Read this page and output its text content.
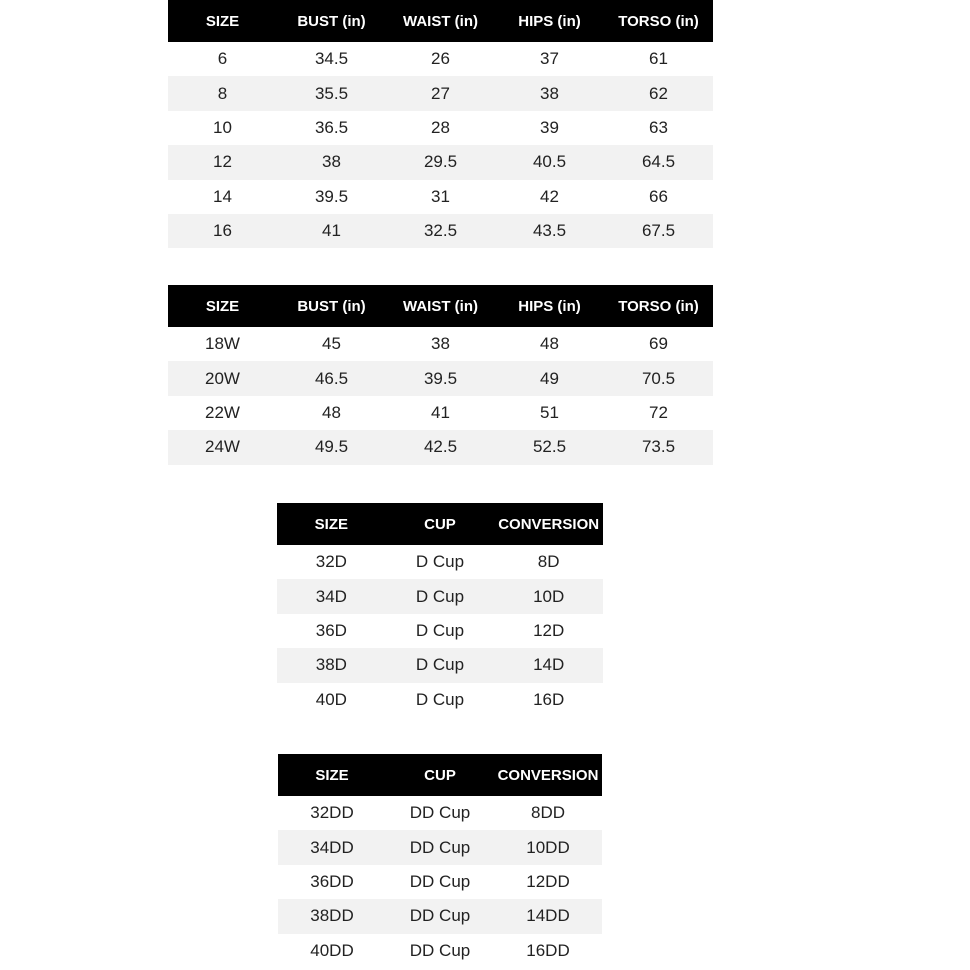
SIZE	BUST (in)	WAIST (in)	HIPS (in)	TORSO (in)
6	34.5	26	37	61
8	35.5	27	38	62
10	36.5	28	39	63
12	38	29.5	40.5	64.5
14	39.5	31	42	66
16	41	32.5	43.5	67.5
SIZE	BUST (in)	WAIST (in)	HIPS (in)	TORSO (in)
18W	45	38	48	69
20W	46.5	39.5	49	70.5
22W	48	41	51	72
24W	49.5	42.5	52.5	73.5
SIZE	CUP	CONVERSION
32D	D Cup	8D
34D	D Cup	10D
36D	D Cup	12D
38D	D Cup	14D
40D	D Cup	16D
SIZE	CUP	CONVERSION
32DD	DD Cup	8DD
34DD	DD Cup	10DD
36DD	DD Cup	12DD
38DD	DD Cup	14DD
40DD	DD Cup	16DD
